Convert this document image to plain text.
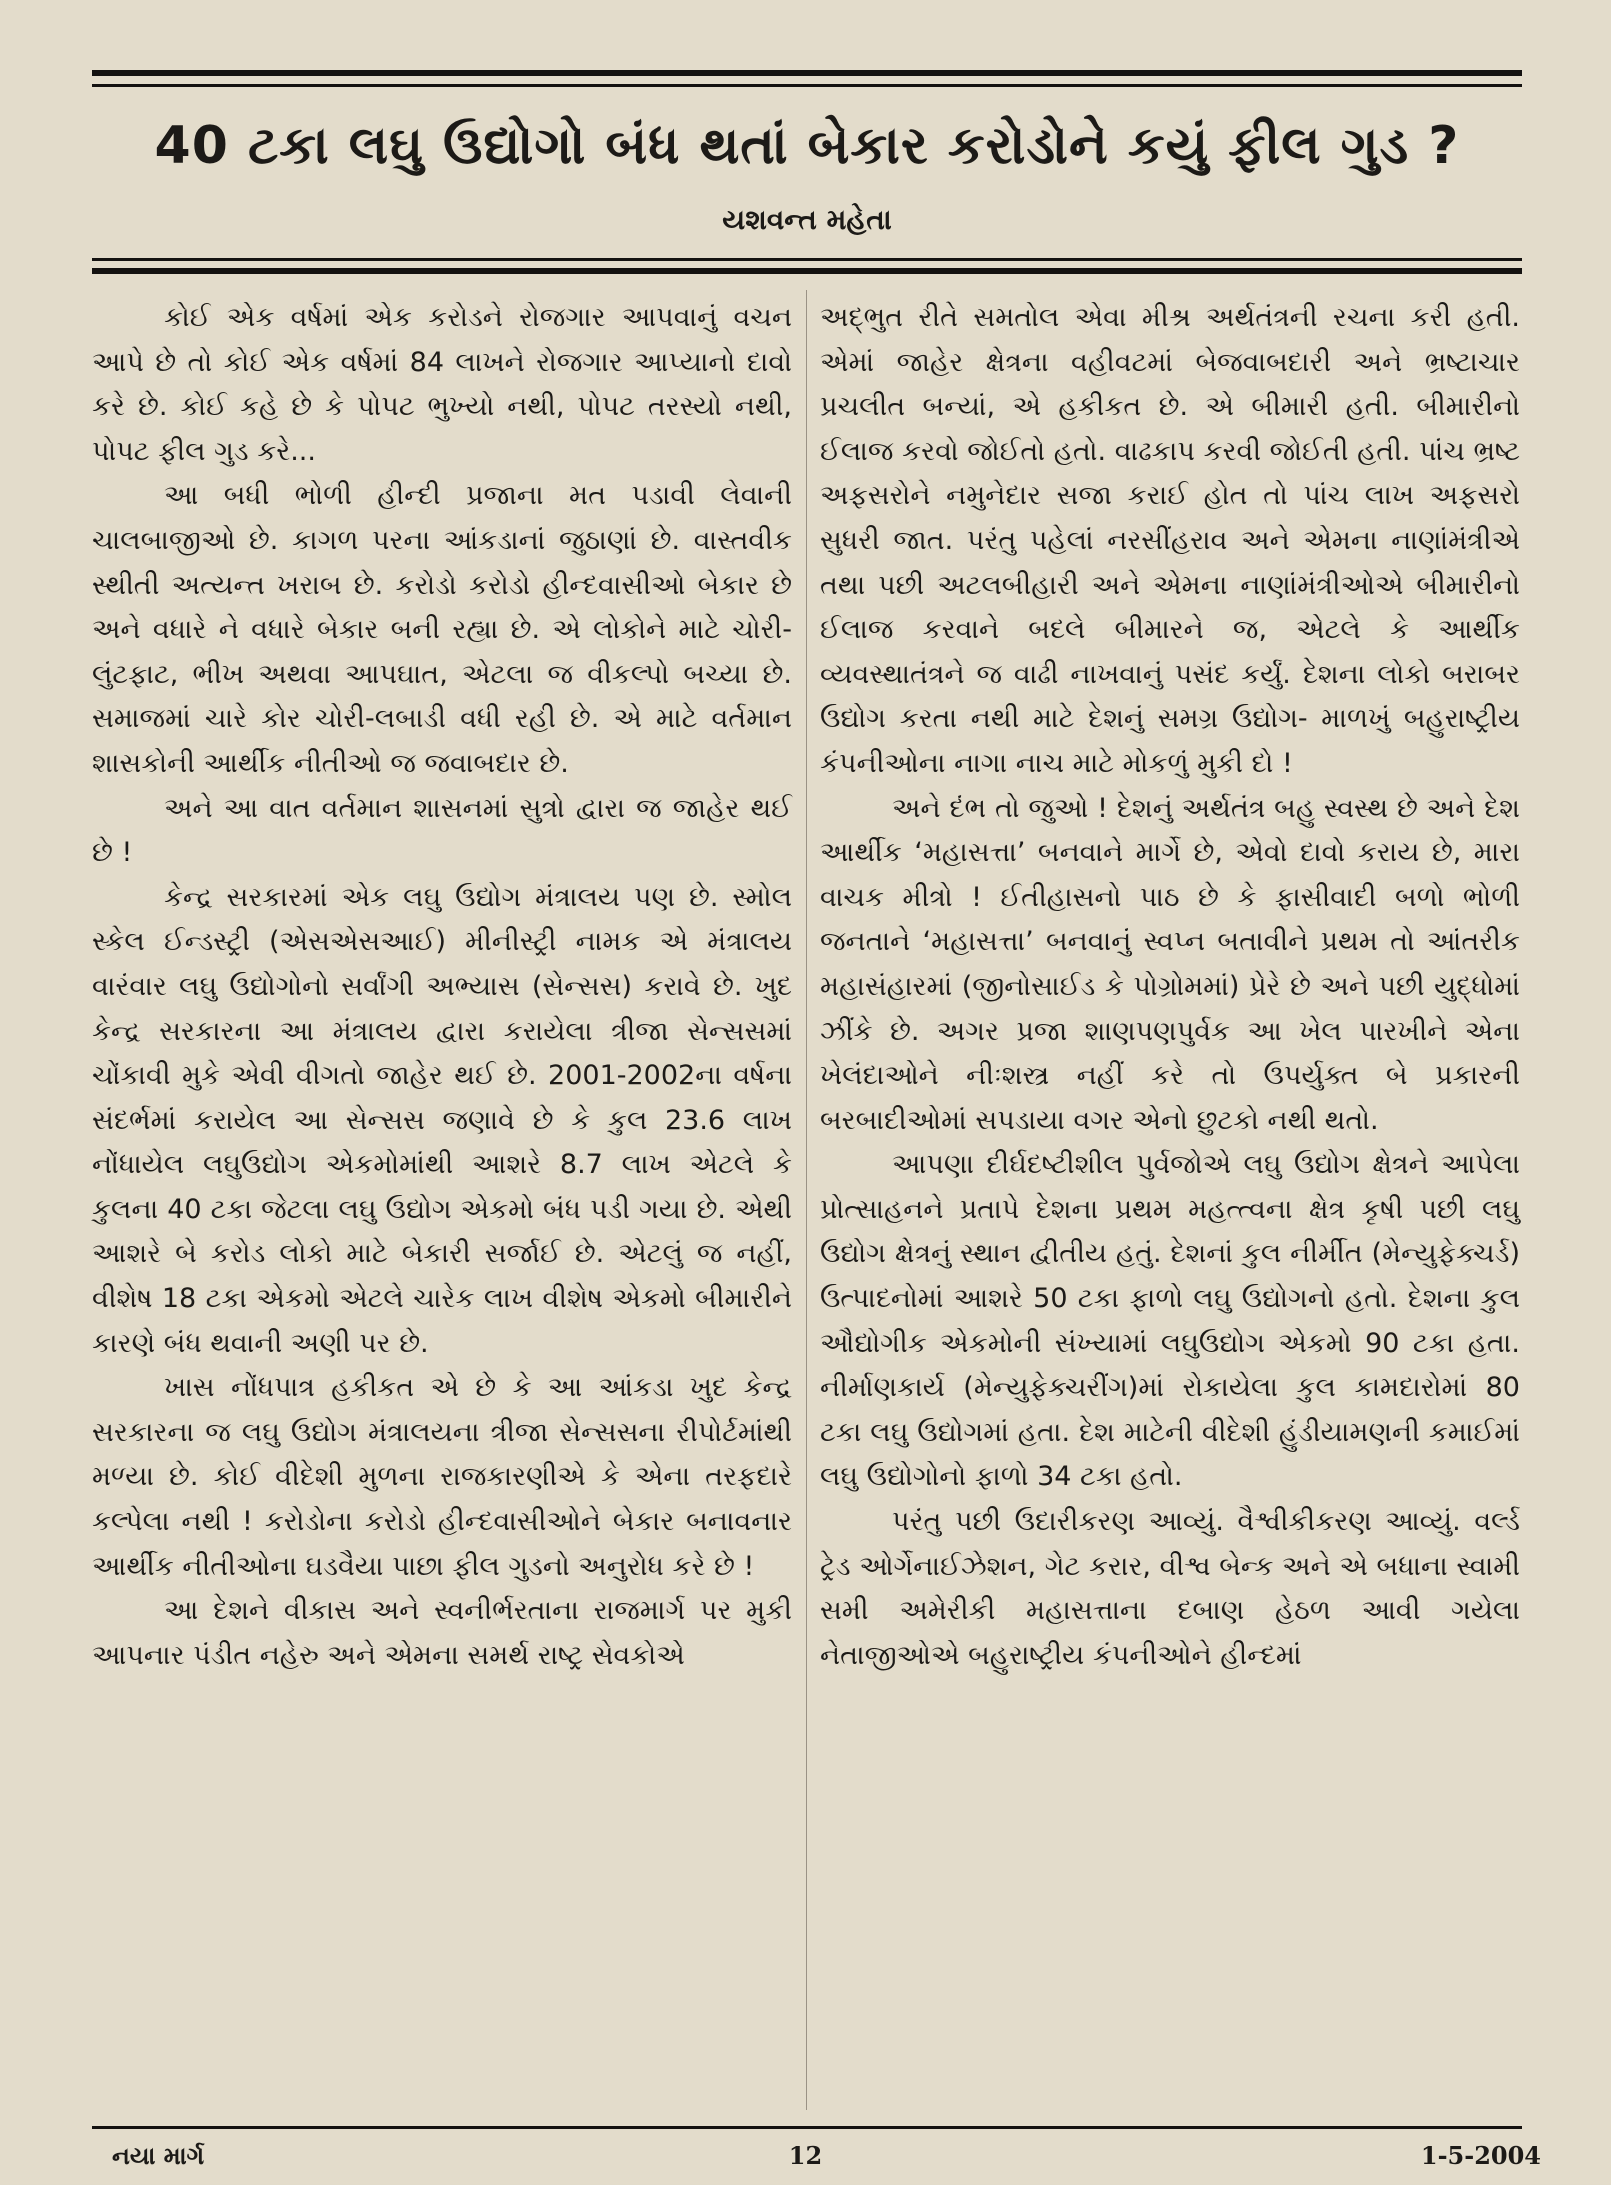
40 ટકા લઘુ ઉદ્યોગો બંધ થતાં બેકાર કરોડોને કયું ફીલ ગુડ ?
યશવન્ત મહેતા

કોઈ એક વર્ષમાં એક કરોડને રોજગાર આપવાનું વચન આપે છે તો કોઈ એક વર્ષમાં 84 લાખને રોજગાર આપ્યાનો દાવો કરે છે. કોઈ કહે છે કે પોપટ ભુખ્યો નથી, પોપટ તરસ્યો નથી, પોપટ ફીલ ગુડ કરે...

આ બધી ભોળી હીન્દી પ્રજાના મત પડાવી લેવાની ચાલબાજીઓ છે. કાગળ પરના આંકડાનાં જુઠાણાં છે. વાસ્તવીક સ્થીતી અત્યન્ત ખરાબ છે. કરોડો કરોડો હીન્દવાસીઓ બેકાર છે અને વધારે ને વધારે બેકાર બની રહ્યા છે. એ લોકોને માટે ચોરી-લુંટફાટ, ભીખ અથવા આપઘાત, એટલા જ વીકલ્પો બચ્યા છે. સમાજમાં ચારે કોર ચોરી-લબાડી વધી રહી છે. એ માટે વર્તમાન શાસકોની આર્થીક નીતીઓ જ જવાબદાર છે.

અને આ વાત વર્તમાન શાસનમાં સુત્રો દ્વારા જ જાહેર થઈ છે !

કેન્દ્ર સરકારમાં એક લઘુ ઉદ્યોગ મંત્રાલય પણ છે. સ્મોલ સ્કેલ ઈન્ડસ્ટ્રી (એસએસઆઈ) મીનીસ્ટ્રી નામક એ મંત્રાલય વારંવાર લઘુ ઉદ્યોગોનો સર્વાંગી અભ્યાસ (સેન્સસ) કરાવે છે. ખુદ કેન્દ્ર સરકારના આ મંત્રાલય દ્વારા કરાયેલા ત્રીજા સેન્સસમાં ચોંકાવી મુકે એવી વીગતો જાહેર થઈ છે. 2001-2002ના વર્ષના સંદર્ભમાં કરાયેલ આ સેન્સસ જણાવે છે કે કુલ 23.6 લાખ નોંધાયેલ લઘુઉદ્યોગ એકમોમાંથી આશરે 8.7 લાખ એટલે કે કુલના 40 ટકા જેટલા લઘુ ઉદ્યોગ એકમો બંધ પડી ગયા છે. એથી આશરે બે કરોડ લોકો માટે બેકારી સર્જાઈ છે. એટલું જ નહીં, વીશેષ 18 ટકા એકમો એટલે ચારેક લાખ વીશેષ એકમો બીમારીને કારણે બંધ થવાની અણી પર છે.

ખાસ નોંધપાત્ર હકીકત એ છે કે આ આંકડા ખુદ કેન્દ્ર સરકારના જ લઘુ ઉદ્યોગ મંત્રાલયના ત્રીજા સેન્સસના રીપોર્ટમાંથી મળ્યા છે. કોઈ વીદેશી મુળના રાજકારણીએ કે એના તરફદારે કલ્પેલા નથી ! કરોડોના કરોડો હીન્દવાસીઓને બેકાર બનાવનાર આર્થીક નીતીઓના ઘડવૈયા પાછા ફીલ ગુડનો અનુરોધ કરે છે !

આ દેશને વીકાસ અને સ્વનીર્ભરતાના રાજમાર્ગ પર મુકી આપનાર પંડીત નહેરુ અને એમના સમર્થ રાષ્ટ્ર સેવકોએ

અદ્ભુત રીતે સમતોલ એવા મીશ્ર અર્થતંત્રની રચના કરી હતી. એમાં જાહેર ક્ષેત્રના વહીવટમાં બેજવાબદારી અને ભ્રષ્ટાચાર પ્રચલીત બન્યાં, એ હકીકત છે. એ બીમારી હતી. બીમારીનો ઈલાજ કરવો જોઈતો હતો. વાઢકાપ કરવી જોઈતી હતી. પાંચ ભ્રષ્ટ અફસરોને નમુનેદાર સજા કરાઈ હોત તો પાંચ લાખ અફસરો સુધરી જાત. પરંતુ પહેલાં નરસીંહરાવ અને એમના નાણાંમંત્રીએ તથા પછી અટલબીહારી અને એમના નાણાંમંત્રીઓએ બીમારીનો ઈલાજ કરવાને બદલે બીમારને જ, એટલે કે આર્થીક વ્યવસ્થાતંત્રને જ વાઢી નાખવાનું પસંદ કર્યું. દેશના લોકો બરાબર ઉદ્યોગ કરતા નથી માટે દેશનું સમગ્ર ઉદ્યોગ- માળખું બહુરાષ્ટ્રીય કંપનીઓના નાગા નાચ માટે મોકળું મુકી દો !

અને દંભ તો જુઓ ! દેશનું અર્થતંત્ર બહુ સ્વસ્થ છે અને દેશ આર્થીક ‘મહાસત્તા’ બનવાને માર્ગે છે, એવો દાવો કરાય છે, મારા વાચક મીત્રો ! ઈતીહાસનો પાઠ છે કે ફાસીવાદી બળો ભોળી જનતાને ‘મહાસત્તા’ બનવાનું સ્વપ્ન બતાવીને પ્રથમ તો આંતરીક મહાસંહારમાં (જીનોસાઈડ કે પોગ્રોમમાં) પ્રેરે છે અને પછી યુદ્ધોમાં ઝીંકે છે. અગર પ્રજા શાણપણપુર્વક આ ખેલ પારખીને એના ખેલંદાઓને નીઃશસ્ત્ર નહીં કરે તો ઉપર્યુક્ત બે પ્રકારની બરબાદીઓમાં સપડાયા વગર એનો છુટકો નથી થતો.

આપણા દીર્ઘદષ્ટીશીલ પુર્વજોએ લઘુ ઉદ્યોગ ક્ષેત્રને આપેલા પ્રોત્સાહનને પ્રતાપે દેશના પ્રથમ મહત્ત્વના ક્ષેત્ર કૃષી પછી લઘુ ઉદ્યોગ ક્ષેત્રનું સ્થાન દ્વીતીય હતું. દેશનાં કુલ નીર્મીત (મેન્યુફેક્ચર્ડ) ઉત્પાદનોમાં આશરે 50 ટકા ફાળો લઘુ ઉદ્યોગનો હતો. દેશના કુલ ઔદ્યોગીક એકમોની સંખ્યામાં લઘુઉદ્યોગ એકમો 90 ટકા હતા. નીર્માણકાર્ય (મેન્યુફેક્ચરીંગ)માં રોકાયેલા કુલ કામદારોમાં 80 ટકા લઘુ ઉદ્યોગમાં હતા. દેશ માટેની વીદેશી હુંડીયામણની કમાઈમાં લઘુ ઉદ્યોગોનો ફાળો 34 ટકા હતો.

પરંતુ પછી ઉદારીકરણ આવ્યું. વૈશ્વીકીકરણ આવ્યું. વર્લ્ડ ટ્રેડ ઓર્ગેનાઈઝેશન, ગેટ કરાર, વીશ્વ બેન્ક અને એ બધાના સ્વામી સમી અમેરીકી મહાસત્તાના દબાણ હેઠળ આવી ગયેલા નેતાજીઓએ બહુરાષ્ટ્રીય કંપનીઓને હીન્દમાં

નયા માર્ગ	12	1-5-2004
